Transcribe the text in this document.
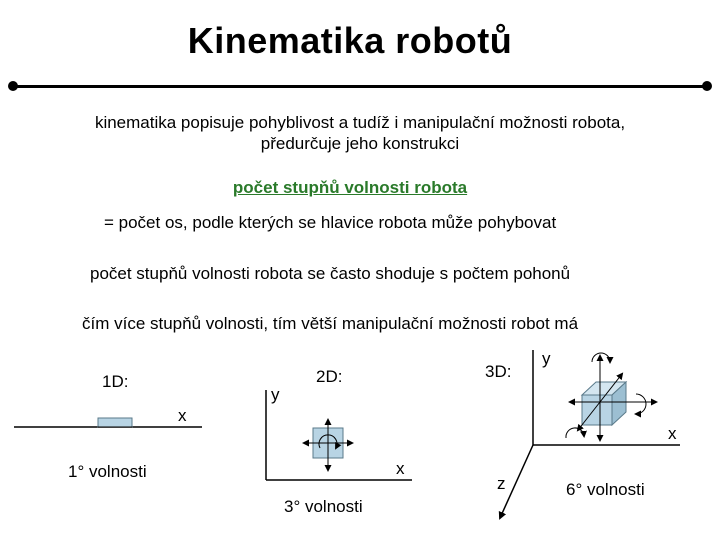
Kinematika robotů
kinematika popisuje pohyblivost a tudíž i manipulační možnosti robota,
předurčuje jeho konstrukci
počet stupňů volnosti robota
= počet os, podle kterých se hlavice robota může pohybovat
počet stupňů volnosti robota se často shoduje s počtem pohonů
čím více stupňů volnosti, tím větší manipulační možnosti robot má
1D:
x
1° volnosti
2D:
y
x
3° volnosti
3D:
y
x
z	6° volnosti
